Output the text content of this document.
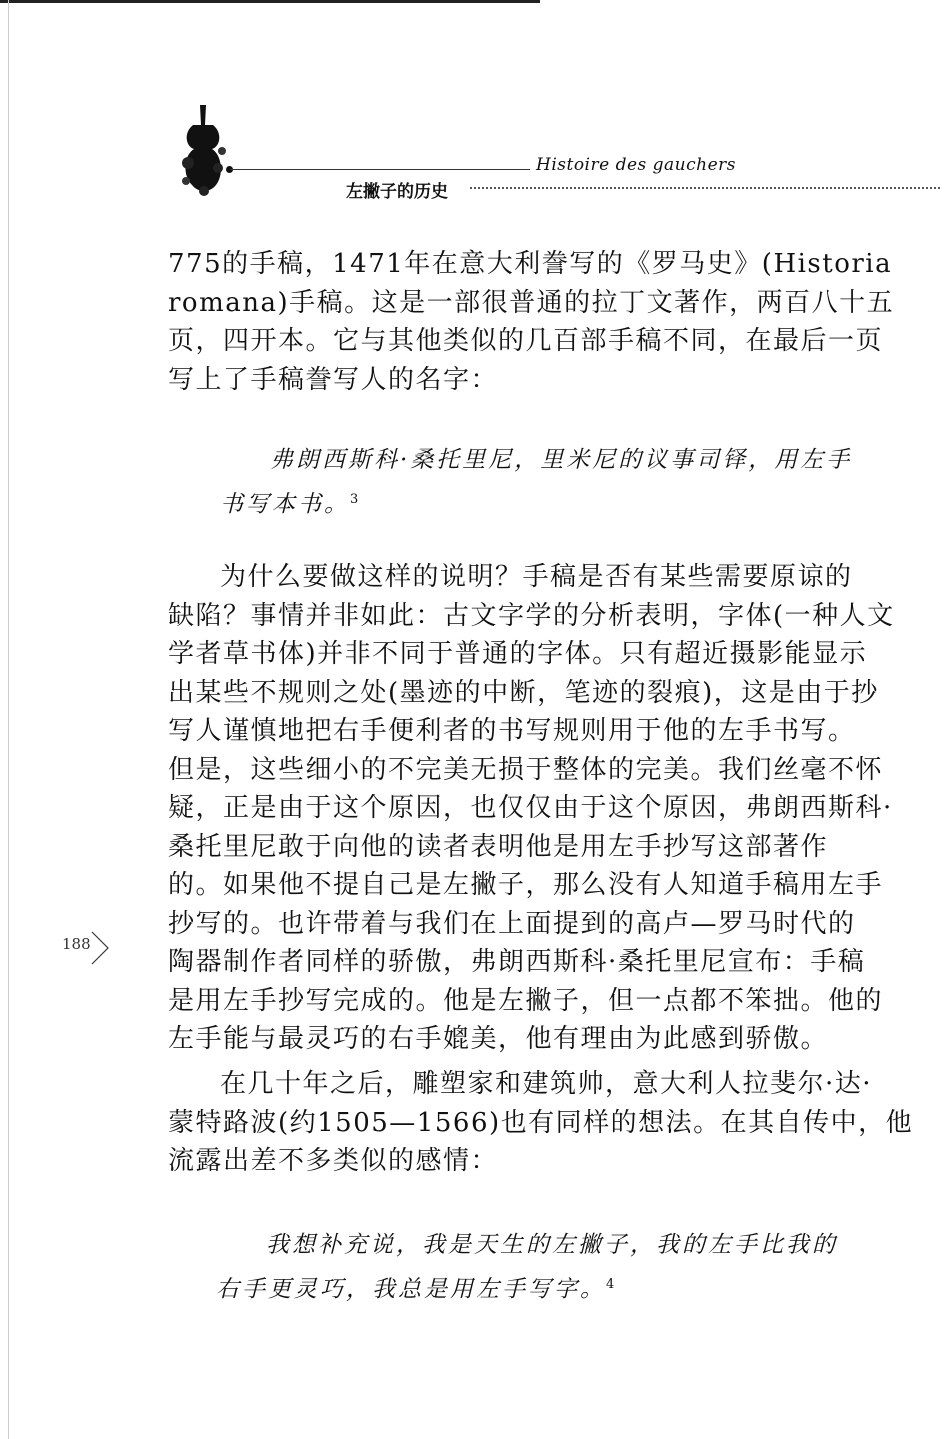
Histoire des gauchers
左撇子的历史
775的手稿，1471年在意大利誊写的《罗马史》(Historia
romana)手稿。这是一部很普通的拉丁文著作，两百八十五
页，四开本。它与其他类似的几百部手稿不同，在最后一页
写上了手稿誊写人的名字：
弗朗西斯科·桑托里尼，里米尼的议事司铎，用左手
书写本书。$^3$
为什么要做这样的说明？手稿是否有某些需要原谅的
缺陷？事情并非如此：古文字学的分析表明，字体(一种人文
学者草书体)并非不同于普通的字体。只有超近摄影能显示
出某些不规则之处(墨迹的中断，笔迹的裂痕)，这是由于抄
写人谨慎地把右手便利者的书写规则用于他的左手书写。
但是，这些细小的不完美无损于整体的完美。我们丝毫不怀
疑，正是由于这个原因，也仅仅由于这个原因，弗朗西斯科·
桑托里尼敢于向他的读者表明他是用左手抄写这部著作
的。如果他不提自己是左撇子，那么没有人知道手稿用左手
抄写的。也许带着与我们在上面提到的高卢—罗马时代的
陶器制作者同样的骄傲，弗朗西斯科·桑托里尼宣布：手稿
是用左手抄写完成的。他是左撇子，但一点都不笨拙。他的
左手能与最灵巧的右手媲美，他有理由为此感到骄傲。
在几十年之后，雕塑家和建筑帅，意大利人拉斐尔·达·
蒙特路波(约1505—1566)也有同样的想法。在其自传中，他
流露出差不多类似的感情：
我想补充说，我是天生的左撇子，我的左手比我的
右手更灵巧，我总是用左手写字。$^4$
188
